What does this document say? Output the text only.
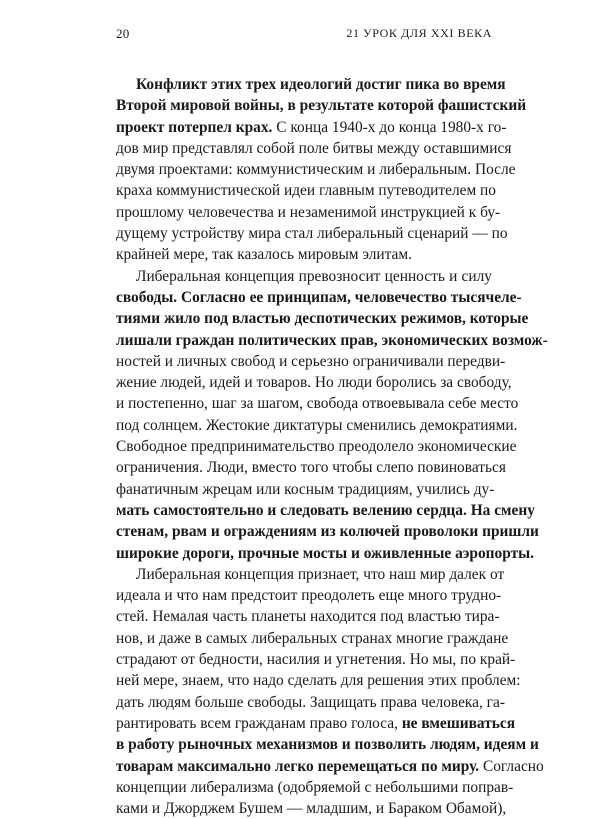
20	21 УРОК ДЛЯ XXI ВЕКА
Конфликт этих трех идеологий достиг пика во время
Второй мировой войны, в результате которой фашистский
проект потерпел крах. С конца 1940-х до конца 1980-х го-
дов мир представлял собой поле битвы между оставшимися
двумя проектами: коммунистическим и либеральным. После
краха коммунистической идеи главным путеводителем по
прошлому человечества и незаменимой инструкцией к бу-
дущему устройству мира стал либеральный сценарий — по
крайней мере, так казалось мировым элитам.
Либеральная концепция превозносит ценность и силу
свободы. Согласно ее принципам, человечество тысячеле-
тиями жило под властью деспотических режимов, которые
лишали граждан политических прав, экономических возмож-
ностей и личных свобод и серьезно ограничивали передви-
жение людей, идей и товаров. Но люди боролись за свободу,
и постепенно, шаг за шагом, свобода отвоевывала себе место
под солнцем. Жестокие диктатуры сменились демократиями.
Свободное предпринимательство преодолело экономические
ограничения. Люди, вместо того чтобы слепо повиноваться
фанатичным жрецам или косным традициям, учились ду-
мать самостоятельно и следовать велению сердца. На смену
стенам, рвам и ограждениям из колючей проволоки пришли
широкие дороги, прочные мосты и оживленные аэропорты.
Либеральная концепция признает, что наш мир далек от
идеала и что нам предстоит преодолеть еще много трудно-
стей. Немалая часть планеты находится под властью тира-
нов, и даже в самых либеральных странах многие граждане
страдают от бедности, насилия и угнетения. Но мы, по край-
ней мере, знаем, что надо сделать для решения этих проблем:
дать людям больше свободы. Защищать права человека, га-
рантировать всем гражданам право голоса, не вмешиваться
в работу рыночных механизмов и позволить людям, идеям и
товарам максимально легко перемещаться по миру. Согласно
концепции либерализма (одобряемой с небольшими поправ-
ками и Джорджем Бушем — младшим, и Бараком Обамой),
